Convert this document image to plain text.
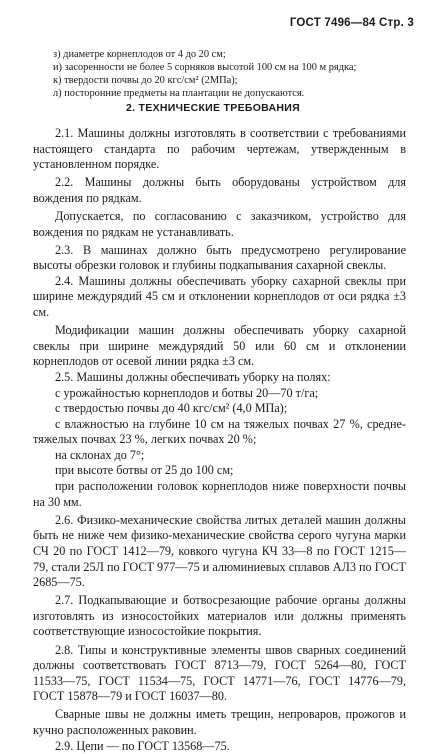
ГОСТ 7496—84 Стр. 3
з) диаметре корнеплодов от 4 до 20 см;
и) засоренности не более 5 сорняков высотой 100 см на 100 м рядка;
к) твердости почвы до 20 кгс/см² (2МПа);
л) посторонние предметы на плантации не допускаются.
2. ТЕХНИЧЕСКИЕ ТРЕБОВАНИЯ

2.1. Машины должны изготовлять в соответствии с требованиями настоящего стандарта по рабочим чертежам, утвержденным в установленном порядке.

2.2. Машины должны быть оборудованы устройством для вождения по рядкам.

Допускается, по согласованию с заказчиком, устройство для вождения по рядкам не устанавливать.

2.3. В машинах должно быть предусмотрено регулирование высоты обрезки головок и глубины подкапывания сахарной свеклы.

2.4. Машины должны обеспечивать уборку сахарной свеклы при ширине междурядий 45 см и отклонении корнеплодов от оси рядка ±3 см.

Модификации машин должны обеспечивать уборку сахарной свеклы при ширине междурядий 50 или 60 см и отклонении корнеплодов от осевой линии рядка ±3 см.

2.5. Машины должны обеспечивать уборку на полях:

с урожайностью корнеплодов и ботвы 20—70 т/га;

с твердостью почвы до 40 кгс/см² (4,0 МПа);

с влажностью на глубине 10 см на тяжелых почвах 27 %, средне-тяжелых почвах 23 %, легких почвах 20 %;

на склонах до 7°;

при высоте ботвы от 25 до 100 см;

при расположении головок корнеплодов ниже поверхности почвы на 30 мм.

2.6. Физико-механические свойства литых деталей машин должны быть не ниже чем физико-механические свойства серого чугуна марки СЧ 20 по ГОСТ 1412—79, ковкого чугуна КЧ 33—8 по ГОСТ 1215—79, стали 25Л по ГОСТ 977—75 и алюминиевых сплавов АЛ3 по ГОСТ 2685—75.

2.7. Подкапывающие и ботвосрезающие рабочие органы должны изготовлять из износостойких материалов или должны применять соответствующие износостойкие покрытия.

2.8. Типы и конструктивные элементы швов сварных соединений должны соответствовать ГОСТ 8713—79, ГОСТ 5264—80, ГОСТ 11533—75, ГОСТ 11534—75, ГОСТ 14771—76, ГОСТ 14776—79, ГОСТ 15878—79 и ГОСТ 16037—80.

Сварные швы не должны иметь трещин, непроваров, прожогов и кучно расположенных раковин.

2.9. Цепи — по ГОСТ 13568—75.
